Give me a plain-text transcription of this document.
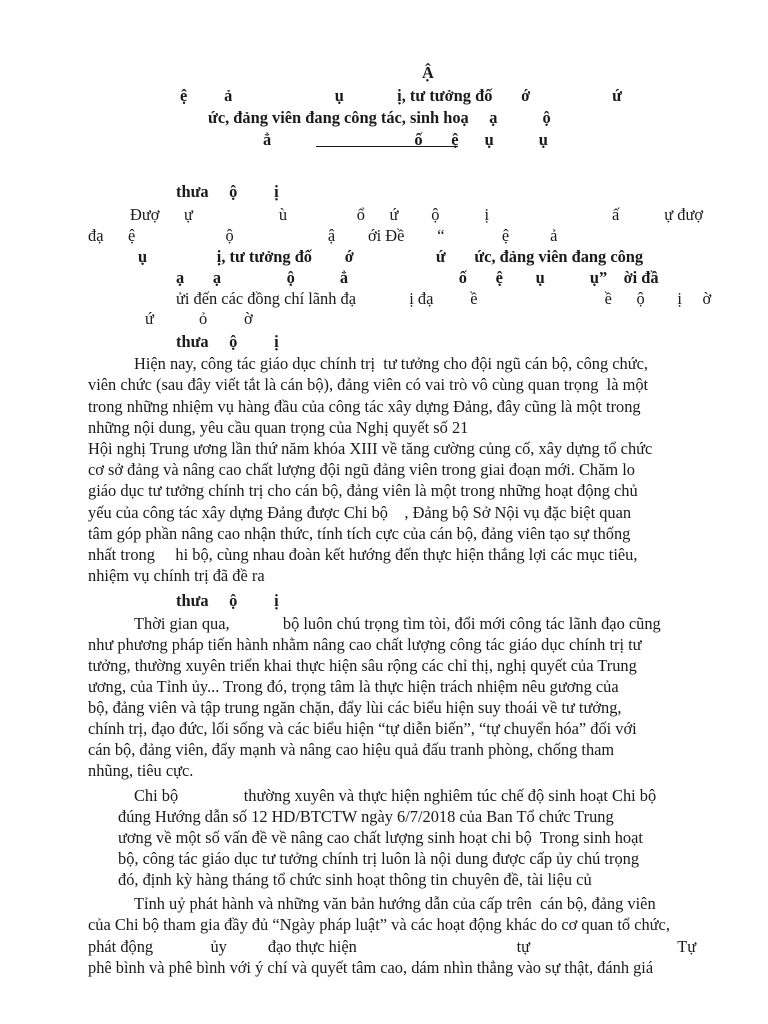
Ậ
ệ         ả                         ụ             ị, tư tưởng đố       ớ                    ứ
ức, đảng viên đang công tác, sinh hoạ     ạ           ộ
ẳ ố       ệ ụ           ụ
thưa     ộ         ị
Đượ      ự                     ù                 ổ      ứ        ộ           ị                              ấ           ự đượ
đạ      ệ                      ộ                       ậ        ới Đề        “              ệ          ả
ụ                 ị, tư tưởng đố        ớ                    ứ       ức, đảng viên đang công
ạ       ạ                ộ           ẳ                           ố       ệ        ụ           ụ”    ời đầ
ửi đến các đồng chí lãnh đạ             ị đạ         ề                               ề      ộ        ị     ờ
ứ           ỏ         ờ
thưa     ộ         ị
Hiện nay, công tác giáo dục chính trị  tư tưởng cho đội ngũ cán bộ, công chức,
viên chức (sau đây viết tắt là cán bộ), đảng viên có vai trò vô cùng quan trọng  là một
trong những nhiệm vụ hàng đầu của công tác xây dựng Đảng, đây cũng là một trong
những nội dung, yêu cầu quan trọng của Nghị quyết số 21
Hội nghị Trung ương lần thứ năm khóa XIII về tăng cường củng cố, xây dựng tổ chức
cơ sở đảng và nâng cao chất lượng đội ngũ đảng viên trong giai đoạn mới. Chăm lo
giáo dục tư tưởng chính trị cho cán bộ, đảng viên là một trong những hoạt động chủ
yếu của công tác xây dựng Đảng được Chi bộ    , Đảng bộ Sở Nội vụ đặc biệt quan
tâm góp phần nâng cao nhận thức, tính tích cực của cán bộ, đảng viên tạo sự thống
nhất trong     hi bộ, cùng nhau đoàn kết hướng đến thực hiện thắng lợi các mục tiêu,
nhiệm vụ chính trị đã đề ra
thưa     ộ         ị
Thời gian qua,             bộ luôn chú trọng tìm tòi, đổi mới công tác lãnh đạo cũng
như phương pháp tiến hành nhằm nâng cao chất lượng công tác giáo dục chính trị tư
tưởng, thường xuyên triển khai thực hiện sâu rộng các chỉ thị, nghị quyết của Trung
ương, của Tỉnh ủy... Trong đó, trọng tâm là thực hiện trách nhiệm nêu gương của
bộ, đảng viên và tập trung ngăn chặn, đẩy lùi các biểu hiện suy thoái về tư tưởng,
chính trị, đạo đức, lối sống và các biểu hiện “tự diễn biến”, “tự chuyển hóa” đối với
cán bộ, đảng viên, đẩy mạnh và nâng cao hiệu quả đấu tranh phòng, chống tham
nhũng, tiêu cực.
Chi bộ                thường xuyên và thực hiện nghiêm túc chế độ sinh hoạt Chi bộ
đúng Hướng dẫn số 12 HD/BTCTW ngày 6/7/2018 của Ban Tổ chức Trung
ương về một số vấn đề về nâng cao chất lượng sinh hoạt chi bộ  Trong sinh hoạt
bộ, công tác giáo dục tư tưởng chính trị luôn là nội dung được cấp ủy chú trọng
đó, định kỳ hàng tháng tổ chức sinh hoạt thông tin chuyên đề, tài liệu củ
Tỉnh uỷ phát hành và những văn bản hướng dẫn của cấp trên  cán bộ, đảng viên
của Chi bộ tham gia đầy đủ “Ngày pháp luật” và các hoạt động khác do cơ quan tổ chức,
phát động              ủy          đạo thực hiện                                       tự                                    Tự
phê bình và phê bình với ý chí và quyết tâm cao, dám nhìn thẳng vào sự thật, đánh giá
